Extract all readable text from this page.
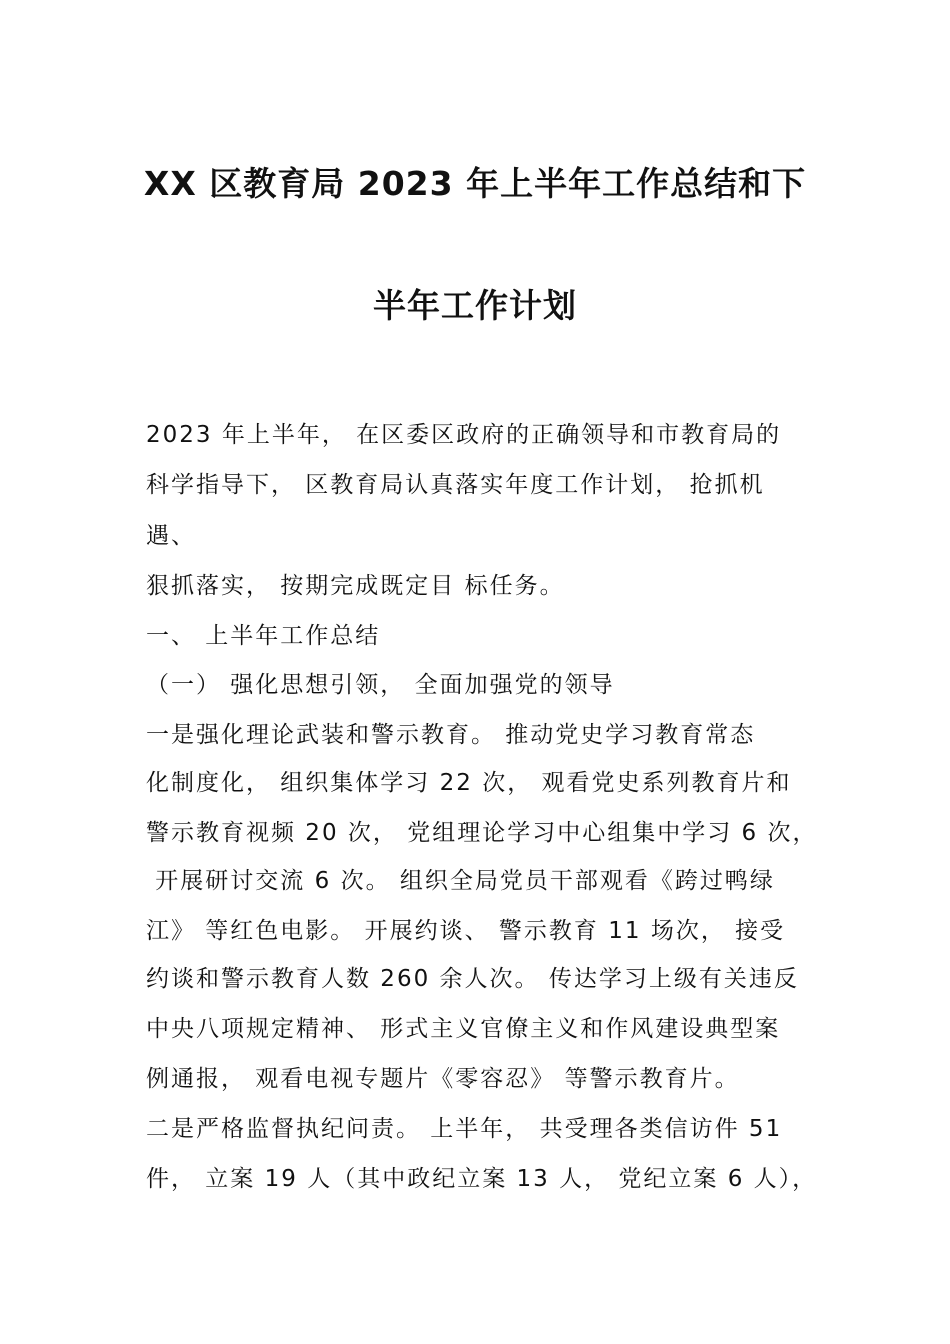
XX 区教育局 2023 年上半年工作总结和下
半年工作计划
2023 年上半年， 在区委区政府的正确领导和市教育局的
科学指导下， 区教育局认真落实年度工作计划， 抢抓机
遇、
狠抓落实， 按期完成既定目 标任务。
一、 上半年工作总结
（一） 强化思想引领， 全面加强党的领导
一是强化理论武装和警示教育。 推动党史学习教育常态
化制度化， 组织集体学习 22 次， 观看党史系列教育片和
警示教育视频 20 次， 党组理论学习中心组集中学习 6 次，
开展研讨交流 6 次。 组织全局党员干部观看《跨过鸭绿
江》 等红色电影。 开展约谈、 警示教育 11 场次， 接受
约谈和警示教育人数 260 余人次。 传达学习上级有关违反
中央八项规定精神、 形式主义官僚主义和作风建设典型案
例通报， 观看电视专题片《零容忍》 等警示教育片。
二是严格监督执纪问责。 上半年， 共受理各类信访件 51
件， 立案 19 人（其中政纪立案 13 人， 党纪立案 6 人），
